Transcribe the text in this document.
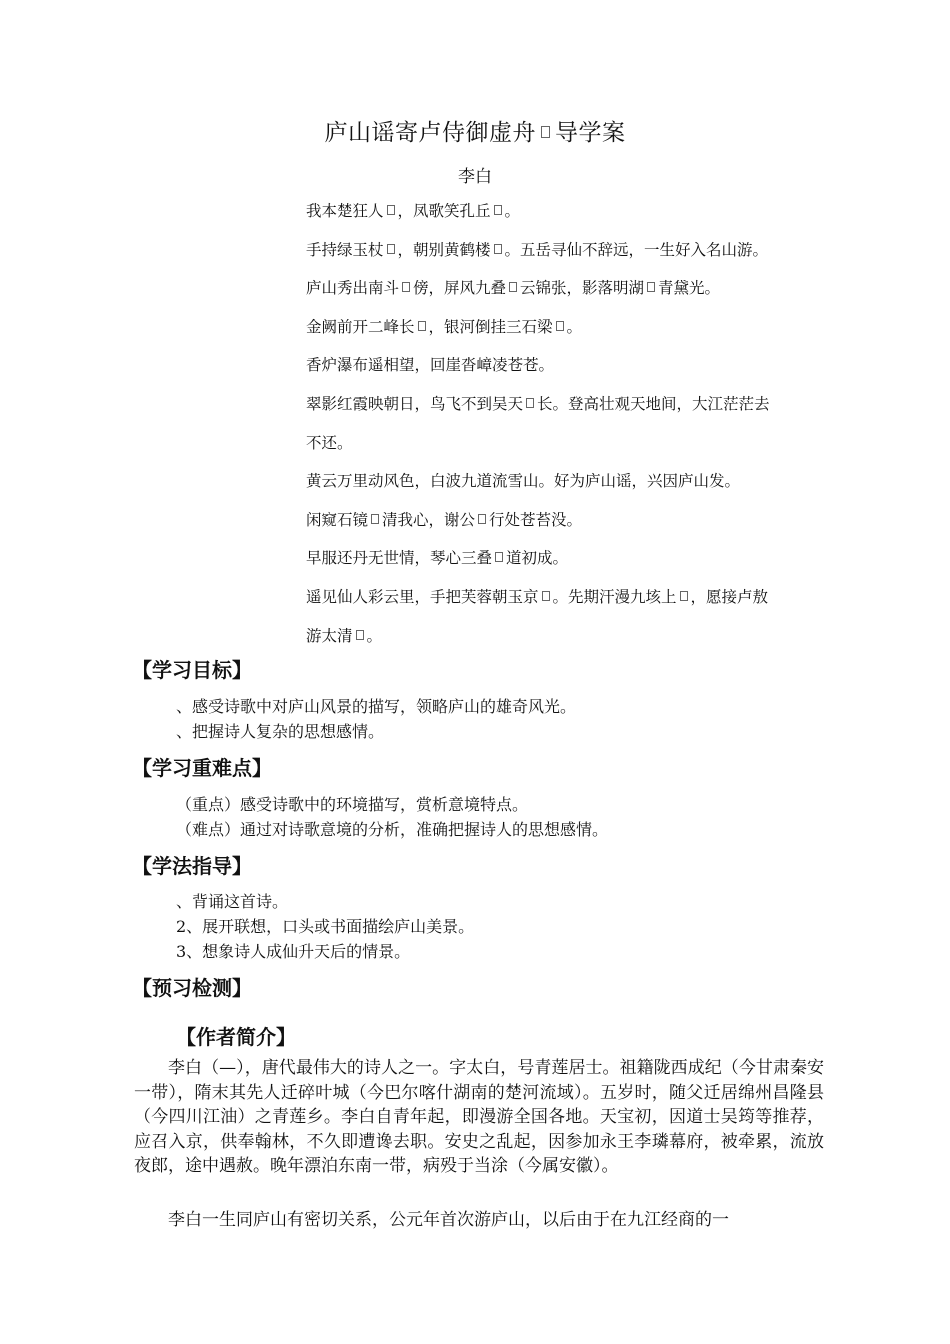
庐山谣寄卢侍御虚舟 导学案
李白
我本楚狂人 ，凤歌笑孔丘 。
手持绿玉杖 ，朝别黄鹤楼 。五岳寻仙不辞远，一生好入名山游。
庐山秀出南斗 傍，屏风九叠 云锦张，影落明湖 青黛光。
金阙前开二峰长 ，银河倒挂三石梁 。
香炉瀑布遥相望，回崖沓嶂凌苍苍。
翠影红霞映朝日，鸟飞不到吴天 长。登高壮观天地间，大江茫茫去
不还。
黄云万里动风色，白波九道流雪山。好为庐山谣，兴因庐山发。
闲窥石镜 清我心，谢公 行处苍苔没。
早服还丹无世情，琴心三叠 道初成。
遥见仙人彩云里，手把芙蓉朝玉京 。先期汗漫九垓上 ，愿接卢敖
游太清 。
【学习目标】
、感受诗歌中对庐山风景的描写，领略庐山的雄奇风光。
、把握诗人复杂的思想感情。
【学习重难点】
（重点）感受诗歌中的环境描写，赏析意境特点。
（难点）通过对诗歌意境的分析，准确把握诗人的思想感情。
【学法指导】
、背诵这首诗。
2、展开联想，口头或书面描绘庐山美景。
3、想象诗人成仙升天后的情景。
【预习检测】
【作者简介】

李白（—），唐代最伟大的诗人之一。字太白，号青莲居士。祖籍陇西成纪（今甘肃秦安一带），隋末其先人迁碎叶城（今巴尔喀什湖南的楚河流域）。五岁时，随父迁居绵州昌隆县（今四川江油）之青莲乡。李白自青年起，即漫游全国各地。天宝初，因道士吴筠等推荐，应召入京，供奉翰林，不久即遭谗去职。安史之乱起，因参加永王李璘幕府，被牵累，流放夜郎，途中遇赦。晚年漂泊东南一带，病殁于当涂（今属安徽）。

李白一生同庐山有密切关系，公元年首次游庐山，以后由于在九江经商的一
